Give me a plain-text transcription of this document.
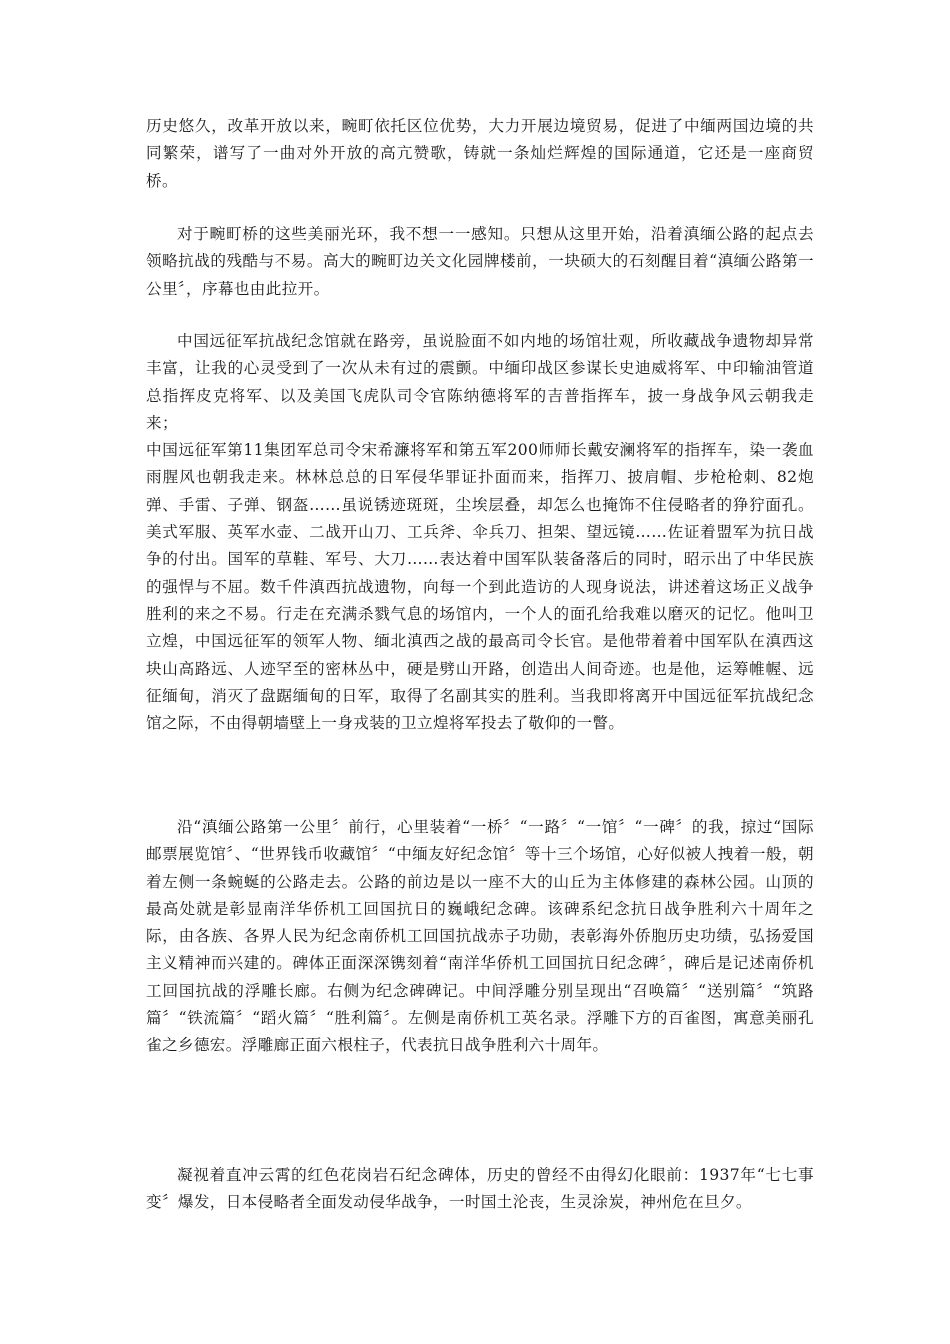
历史悠久，改革开放以来，畹町依托区位优势，大力开展边境贸易，促进了中缅两国边境的共同繁荣，谱写了一曲对外开放的高亢赞歌，铸就一条灿烂辉煌的国际通道，它还是一座商贸桥。

对于畹町桥的这些美丽光环，我不想一一感知。只想从这里开始，沿着滇缅公路的起点去领略抗战的残酷与不易。高大的畹町边关文化园牌楼前，一块硕大的石刻醒目着“滇缅公路第一公里〞，序幕也由此拉开。

中国远征军抗战纪念馆就在路旁，虽说脸面不如内地的场馆壮观，所收藏战争遗物却异常丰富，让我的心灵受到了一次从未有过的震颤。中缅印战区参谋长史迪威将军、中印输油管道总指挥皮克将军、以及美国飞虎队司令官陈纳德将军的吉普指挥车，披一身战争风云朝我走来；
中国远征军第11集团军总司令宋希濂将军和第五军200师师长戴安澜将军的指挥车，染一袭血雨腥风也朝我走来。林林总总的日军侵华罪证扑面而来，指挥刀、披肩帽、步枪枪刺、82炮弹、手雷、子弹、钢盔……虽说锈迹斑斑，尘埃层叠，却怎么也掩饰不住侵略者的狰狞面孔。美式军服、英军水壶、二战开山刀、工兵斧、伞兵刀、担架、望远镜……佐证着盟军为抗日战争的付出。国军的草鞋、军号、大刀……表达着中国军队装备落后的同时，昭示出了中华民族的强悍与不屈。数千件滇西抗战遗物，向每一个到此造访的人现身说法，讲述着这场正义战争胜利的来之不易。行走在充满杀戮气息的场馆内，一个人的面孔给我难以磨灭的记忆。他叫卫立煌，中国远征军的领军人物、缅北滇西之战的最高司令长官。是他带着着中国军队在滇西这块山高路远、人迹罕至的密林丛中，硬是劈山开路，创造出人间奇迹。也是他，运筹帷幄、远征缅甸，消灭了盘踞缅甸的日军，取得了名副其实的胜利。当我即将离开中国远征军抗战纪念馆之际，不由得朝墙壁上一身戎装的卫立煌将军投去了敬仰的一瞥。

沿“滇缅公路第一公里〞前行，心里装着“一桥〞“一路〞“一馆〞“一碑〞的我，掠过“国际邮票展览馆〞、“世界钱币收藏馆〞“中缅友好纪念馆〞等十三个场馆，心好似被人拽着一般，朝着左侧一条蜿蜒的公路走去。公路的前边是以一座不大的山丘为主体修建的森林公园。山顶的最高处就是彰显南洋华侨机工回国抗日的巍峨纪念碑。该碑系纪念抗日战争胜利六十周年之际，由各族、各界人民为纪念南侨机工回国抗战赤子功勋，表彰海外侨胞历史功绩，弘扬爱国主义精神而兴建的。碑体正面深深镌刻着“南洋华侨机工回国抗日纪念碑〞，碑后是记述南侨机工回国抗战的浮雕长廊。右侧为纪念碑碑记。中间浮雕分别呈现出“召唤篇〞“送别篇〞“筑路篇〞“铁流篇〞“蹈火篇〞“胜利篇〞。左侧是南侨机工英名录。浮雕下方的百雀图，寓意美丽孔雀之乡德宏。浮雕廊正面六根柱子，代表抗日战争胜利六十周年。

凝视着直冲云霄的红色花岗岩石纪念碑体，历史的曾经不由得幻化眼前：1937年“七七事变〞爆发，日本侵略者全面发动侵华战争，一时国土沦丧，生灵涂炭，神州危在旦夕。
